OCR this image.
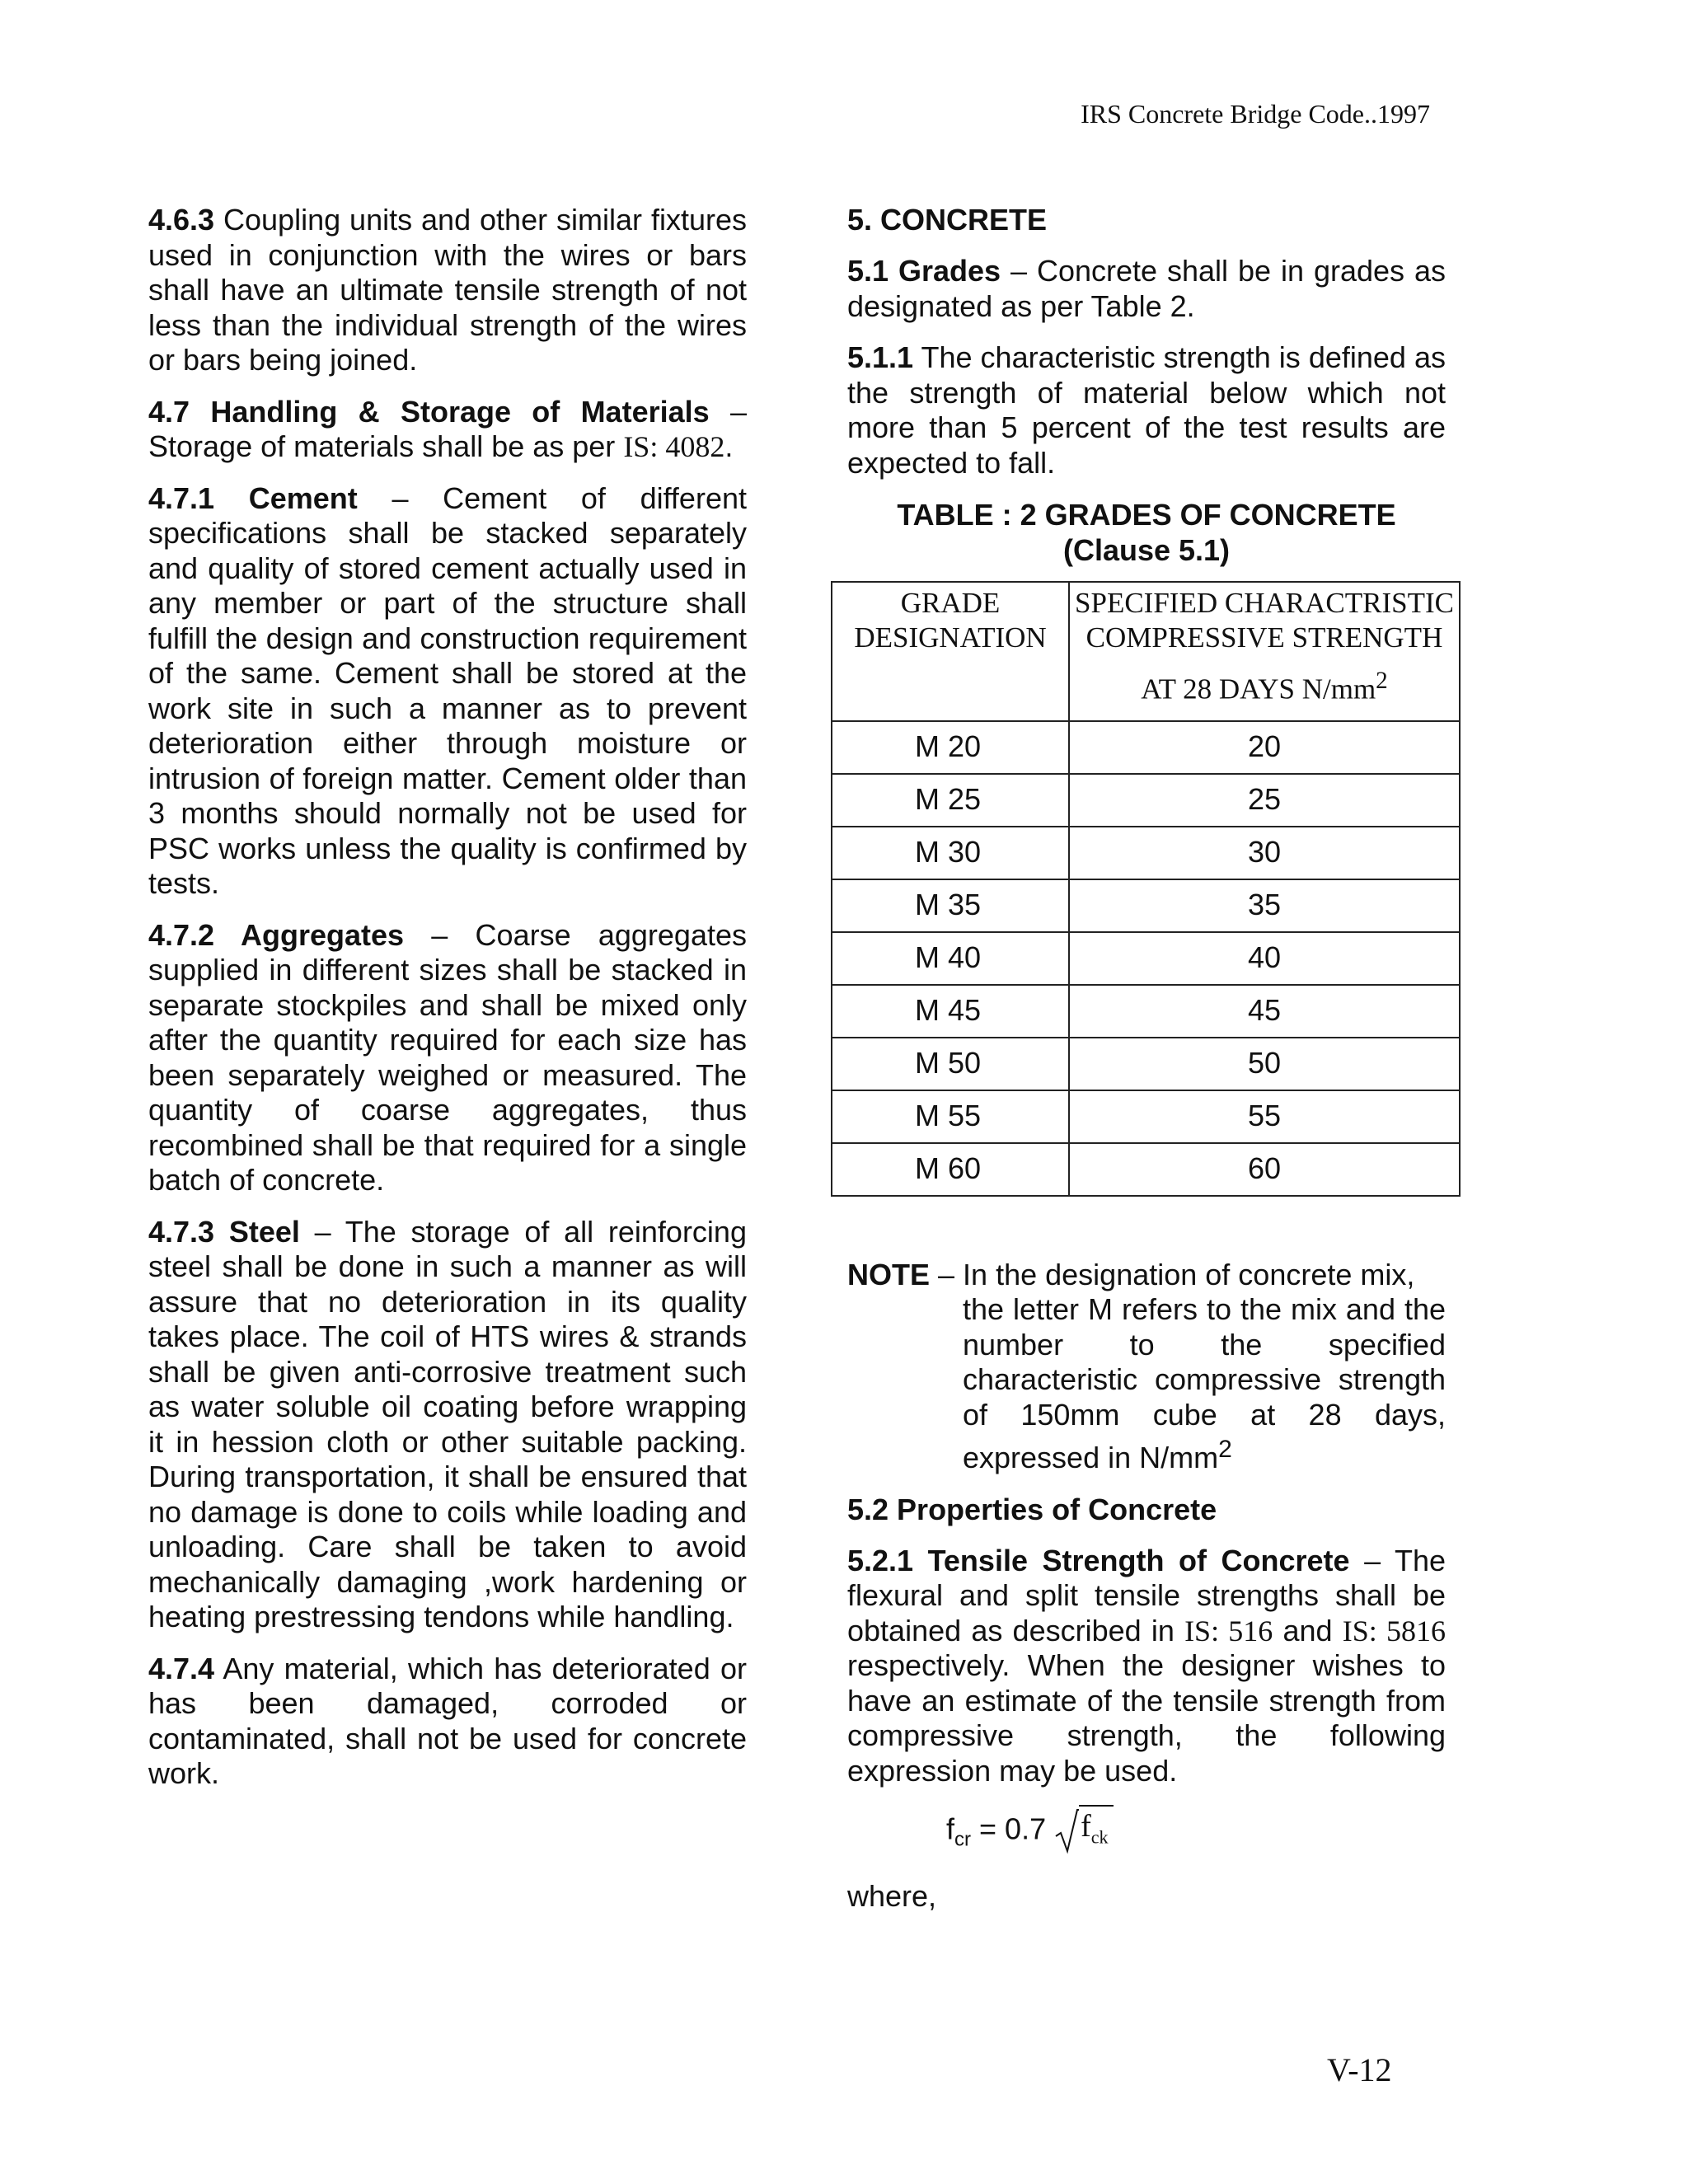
IRS Concrete Bridge Code..1997

4.6.3 Coupling units and other similar fixtures used in conjunction with the wires or bars shall have an ultimate tensile strength of not less than the individual strength of the wires or bars being joined.

4.7 Handling & Storage of Materials – Storage of materials shall be as per IS: 4082.

4.7.1 Cement – Cement of different specifications shall be stacked separately and quality of stored cement actually used in any member or part of the structure shall fulfill the design and construction requirement of the same. Cement shall be stored at the work site in such a manner as to prevent deterioration either through moisture or intrusion of foreign matter. Cement older than 3 months should normally not be used for PSC works unless the quality is confirmed by tests.

4.7.2 Aggregates – Coarse aggregates supplied in different sizes shall be stacked in separate stockpiles and shall be mixed only after the quantity required for each size has been separately weighed or measured. The quantity of coarse aggregates, thus recombined shall be that required for a single batch of concrete.

4.7.3 Steel – The storage of all reinforcing steel shall be done in such a manner as will assure that no deterioration in its quality takes place. The coil of HTS wires & strands shall be given anti-corrosive treatment such as water soluble oil coating before wrapping it in hession cloth or other suitable packing. During transportation, it shall be ensured that no damage is done to coils while loading and unloading. Care shall be taken to avoid mechanically damaging ,work hardening or heating prestressing tendons while handling.

4.7.4 Any material, which has deteriorated or has been damaged, corroded or contaminated, shall not be used for concrete work.

5. CONCRETE

5.1 Grades – Concrete shall be in grades as designated as per Table 2.

5.1.1 The characteristic strength is defined as the strength of material below which not more than 5 percent of the test results are expected to fall.

TABLE : 2 GRADES OF CONCRETE
(Clause 5.1)
GRADE DESIGNATION	SPECIFIED CHARACTRISTIC COMPRESSIVE STRENGTH
AT 28 DAYS $N/mm^2$

M 20	20
M 25	25
M 30	30
M 35	35
M 40	40
M 45	45
M 50	50
M 55	55
M 60	60
NOTE
– In the designation of concrete mix,

the letter M refers to the mix and the number to the specified characteristic compressive strength of 150mm cube at 28 days, expressed in $N/mm^2$

5.2 Properties of Concrete

5.2.1 Tensile Strength of Concrete – The flexural and split tensile strengths shall be obtained as described in IS: 516 and IS: 5816 respectively. When the designer wishes to have an estimate of the tensile strength from compressive strength, the following expression may be used.

$f_{cr} = 0.7$ $f_{ck}$

where,

V-12
